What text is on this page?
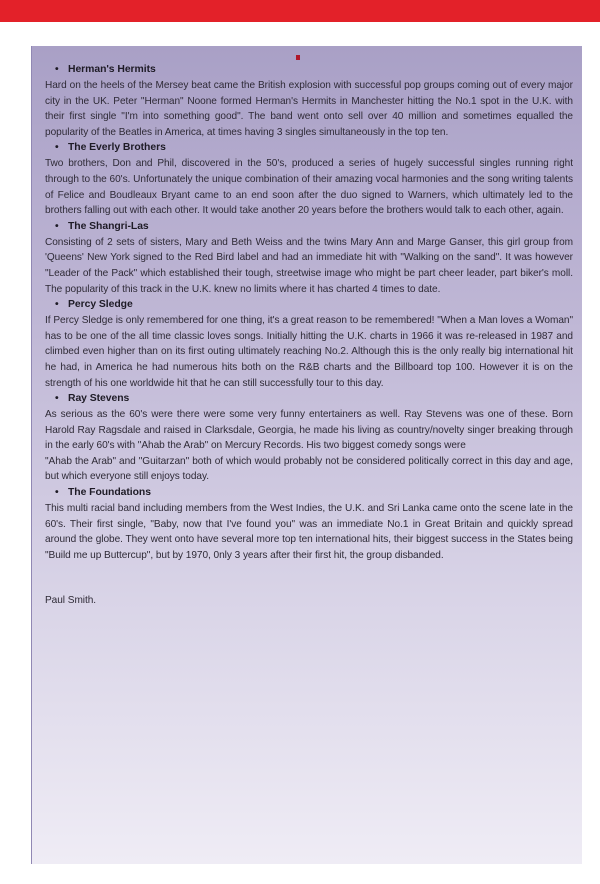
• Herman's Hermits

Hard on the heels of the Mersey beat came the British explosion with successful pop groups coming out of every major city in the UK. Peter "Herman" Noone formed Herman's Hermits in Manchester hitting the No.1 spot in the U.K. with their first single "I'm into something good". The band went onto sell over 40 million and sometimes equalled the popularity of the Beatles in America, at times having 3 singles simultaneously in the top ten.

• The Everly Brothers

Two brothers, Don and Phil, discovered in the 50's, produced a series of hugely successful singles running right through to the 60's. Unfortunately the unique combination of their amazing vocal harmonies and the song writing talents of Felice and Boudleaux Bryant came to an end soon after the duo signed to Warners, which ultimately led to the brothers falling out with each other. It would take another 20 years before the brothers would talk to each other, again.

• The Shangri-Las

Consisting of 2 sets of sisters, Mary and Beth Weiss and the twins Mary Ann and Marge Ganser, this girl group from 'Queens' New York signed to the Red Bird label and had an immediate hit with "Walking on the sand". It was however "Leader of the Pack" which established their tough, streetwise image who might be part cheer leader, part biker's moll. The popularity of this track in the U.K. knew no limits where it has charted 4 times to date.

• Percy Sledge

If Percy Sledge is only remembered for one thing, it's a great reason to be remembered! "When a Man loves a Woman" has to be one of the all time classic loves songs. Initially hitting the U.K. charts in 1966 it was re-released in 1987 and climbed even higher than on its first outing ultimately reaching No.2. Although this is the only really big international hit he had, in America he had numerous hits both on the R&B charts and the Billboard top 100. However it is on the strength of his one worldwide hit that he can still successfully tour to this day.

• Ray Stevens

As serious as the 60's were there were some very funny entertainers as well. Ray Stevens was one of these. Born Harold Ray Ragsdale and raised in Clarksdale, Georgia, he made his living as country/novelty singer breaking through in the early 60's with "Ahab the Arab" on Mercury Records. His two biggest comedy songs were

"Ahab the Arab" and "Guitarzan" both of which would probably not be considered politically correct in this day and age, but which everyone still enjoys today.

• The Foundations

This multi racial band including members from the West Indies, the U.K. and Sri Lanka came onto the scene late in the 60's. Their first single, "Baby, now that I've found you" was an immediate No.1 in Great Britain and quickly spread around the globe. They went onto have several more top ten international hits, their biggest success in the States being "Build me up Buttercup", but by 1970, 0nly 3 years after their first hit, the group disbanded.

Paul Smith.
